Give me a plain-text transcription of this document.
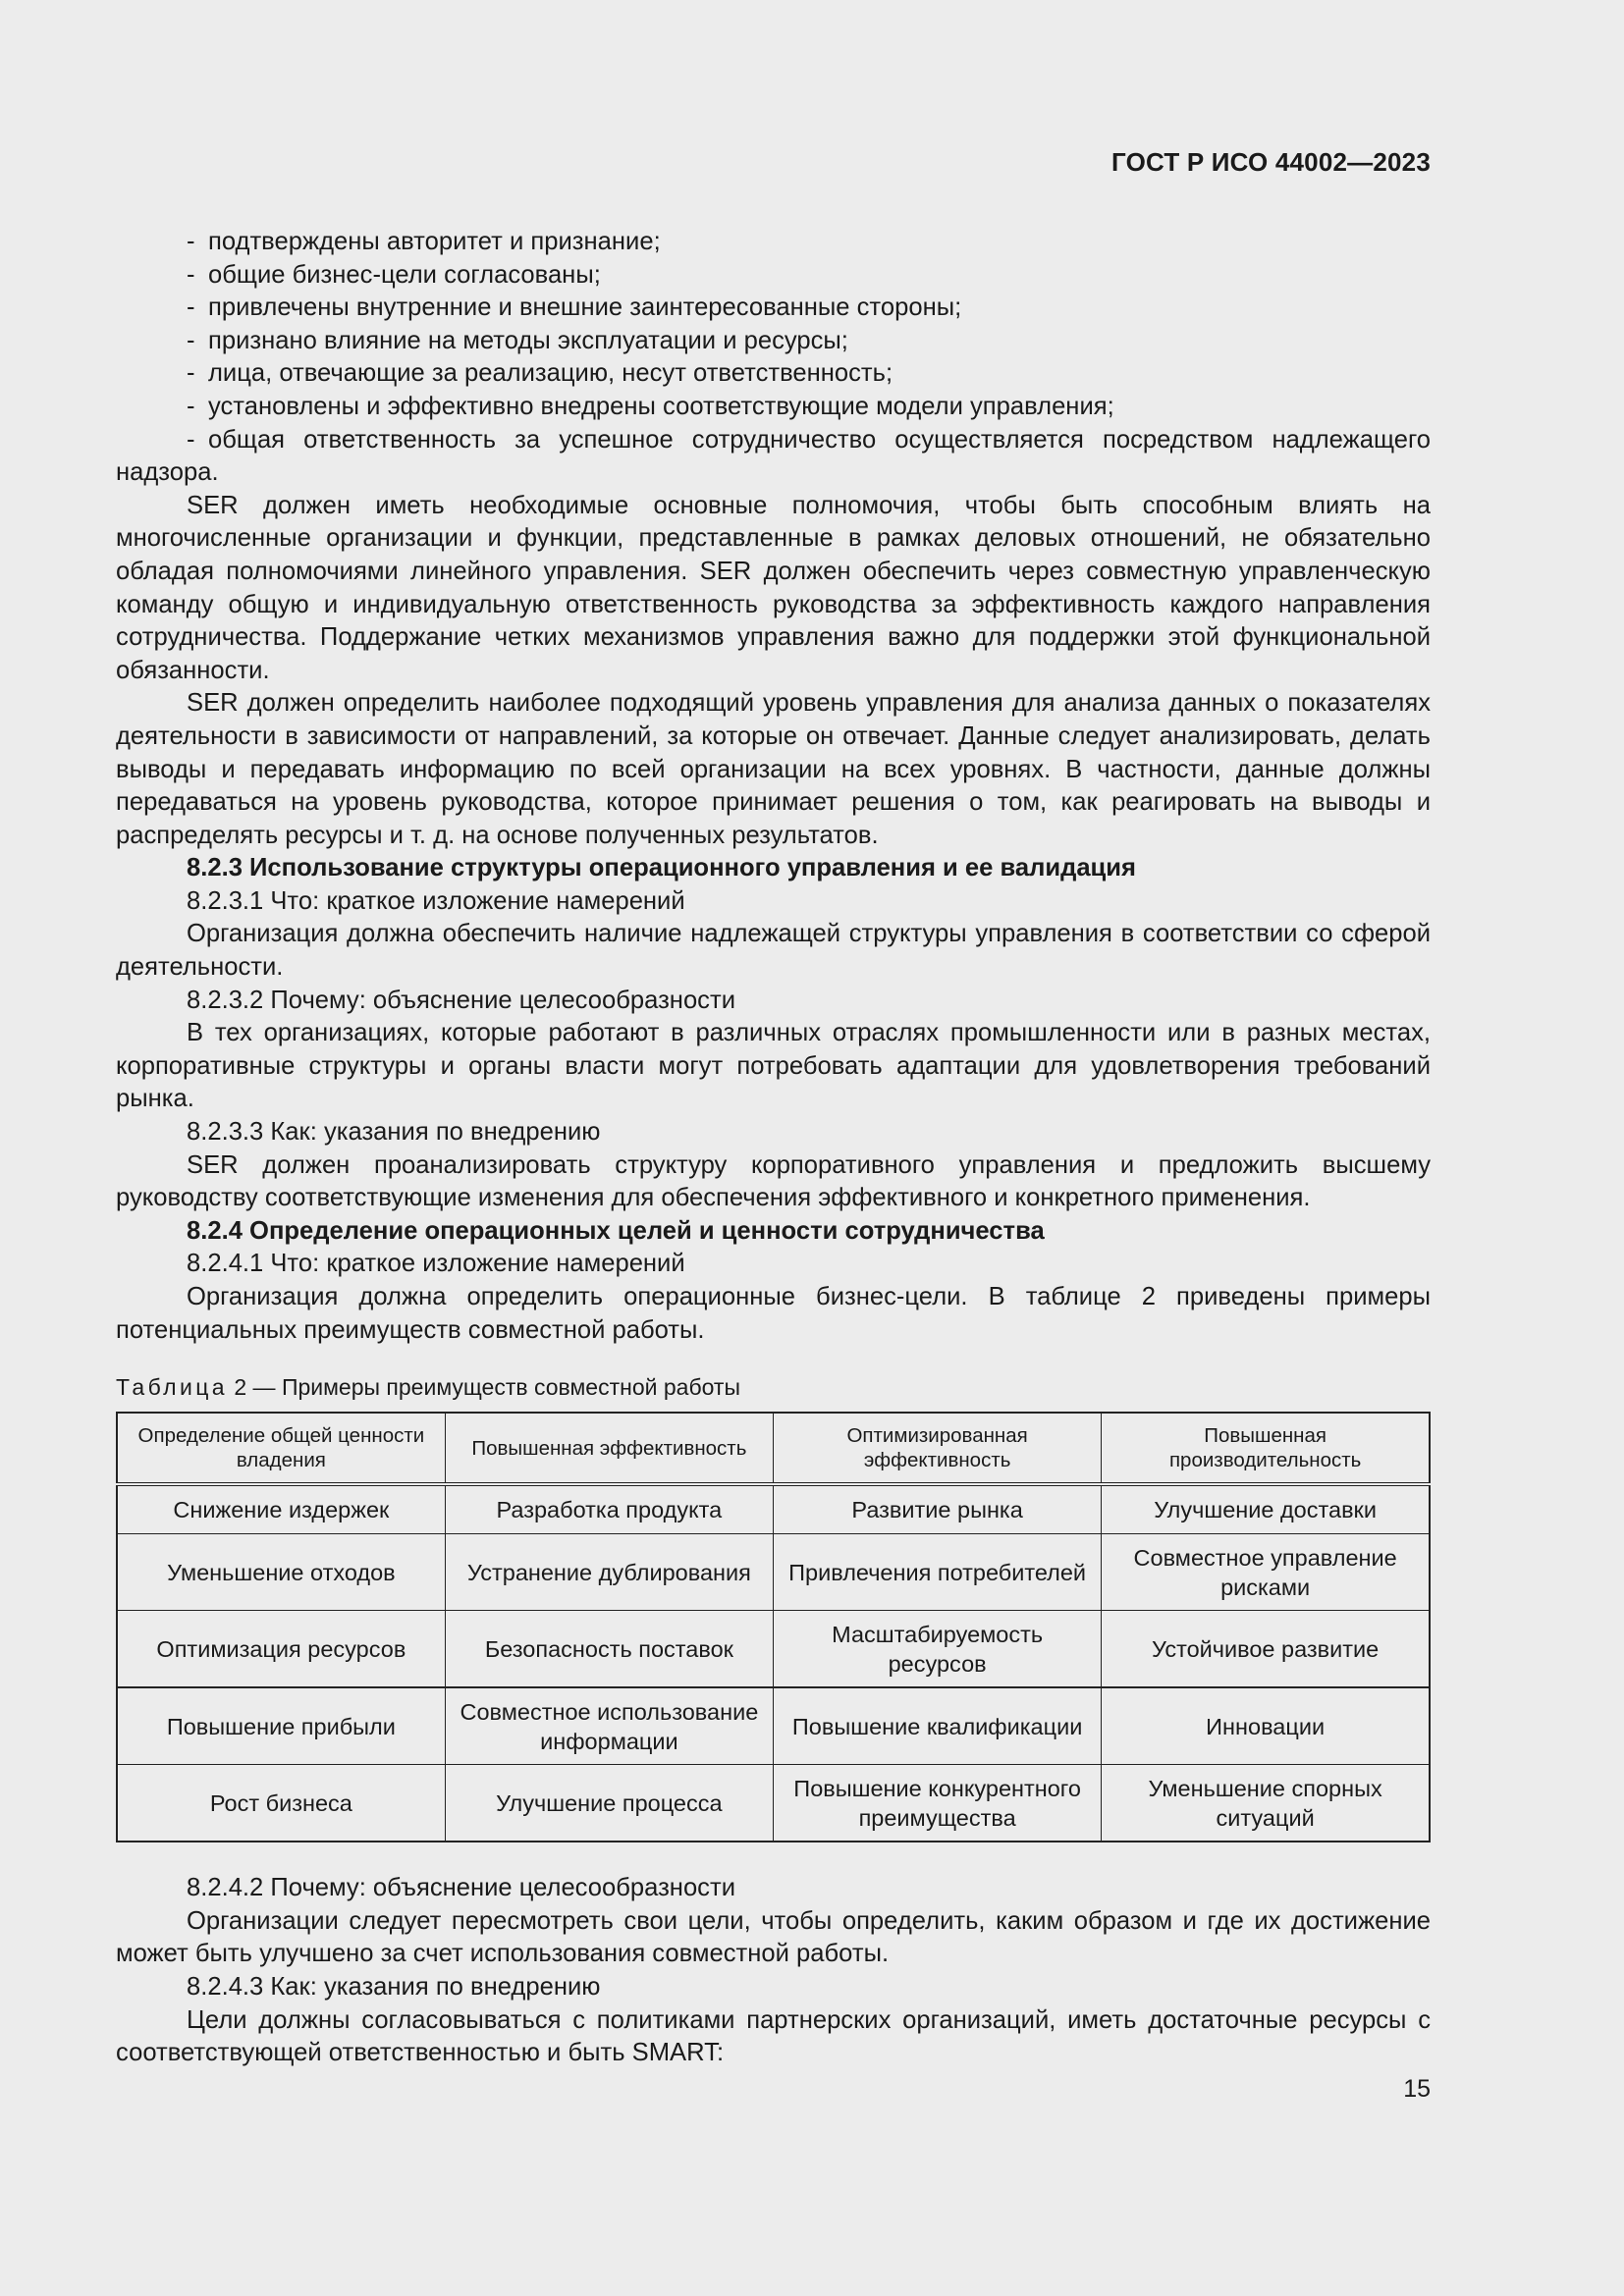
ГОСТ Р ИСО 44002—2023

- подтверждены авторитет и признание;

- общие бизнес-цели согласованы;

- привлечены внутренние и внешние заинтересованные стороны;

- признано влияние на методы эксплуатации и ресурсы;

- лица, отвечающие за реализацию, несут ответственность;

- установлены и эффективно внедрены соответствующие модели управления;

- общая ответственность за успешное сотрудничество осуществляется посредством надлежащего надзора.

SER должен иметь необходимые основные полномочия, чтобы быть способным влиять на многочисленные организации и функции, представленные в рамках деловых отношений, не обязательно обладая полномочиями линейного управления. SER должен обеспечить через совместную управленческую команду общую и индивидуальную ответственность руководства за эффективность каждого направления сотрудничества. Поддержание четких механизмов управления важно для поддержки этой функциональной обязанности.

SER должен определить наиболее подходящий уровень управления для анализа данных о показателях деятельности в зависимости от направлений, за которые он отвечает. Данные следует анализировать, делать выводы и передавать информацию по всей организации на всех уровнях. В частности, данные должны передаваться на уровень руководства, которое принимает решения о том, как реагировать на выводы и распределять ресурсы и т. д. на основе полученных результатов.

8.2.3 Использование структуры операционного управления и ее валидация

8.2.3.1 Что: краткое изложение намерений

Организация должна обеспечить наличие надлежащей структуры управления в соответствии со сферой деятельности.

8.2.3.2 Почему: объяснение целесообразности

В тех организациях, которые работают в различных отраслях промышленности или в разных местах, корпоративные структуры и органы власти могут потребовать адаптации для удовлетворения требований рынка.

8.2.3.3 Как: указания по внедрению

SER должен проанализировать структуру корпоративного управления и предложить высшему руководству соответствующие изменения для обеспечения эффективного и конкретного применения.

8.2.4 Определение операционных целей и ценности сотрудничества

8.2.4.1 Что: краткое изложение намерений

Организация должна определить операционные бизнес-цели. В таблице 2 приведены примеры потенциальных преимуществ совместной работы.

Таблица 2 — Примеры преимуществ совместной работы

Определение общей ценности владения	Повышенная эффективность	Оптимизированная эффективность	Повышенная производительность
Снижение издержек	Разработка продукта	Развитие рынка	Улучшение доставки
Уменьшение отходов	Устранение дублирования	Привлечения потребителей	Совместное управление рисками
Оптимизация ресурсов	Безопасность поставок	Масштабируемость ресурсов	Устойчивое развитие
Повышение прибыли	Совместное использование информации	Повышение квалификации	Инновации
Рост бизнеса	Улучшение процесса	Повышение конкурентного преимущества	Уменьшение спорных ситуаций

8.2.4.2 Почему: объяснение целесообразности

Организации следует пересмотреть свои цели, чтобы определить, каким образом и где их достижение может быть улучшено за счет использования совместной работы.

8.2.4.3 Как: указания по внедрению

Цели должны согласовываться с политиками партнерских организаций, иметь достаточные ресурсы с соответствующей ответственностью и быть SMART:

15
